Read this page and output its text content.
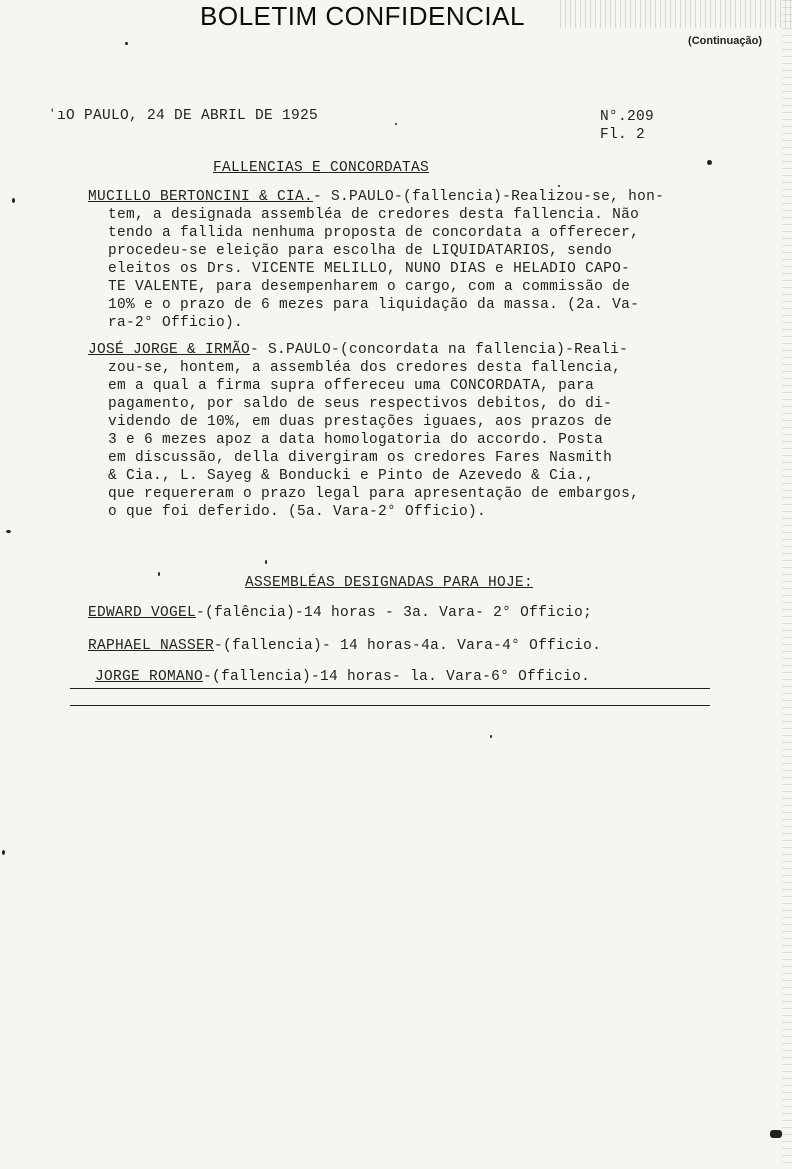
BOLETIM CONFIDENCIAL
(Continuação)
ʻıO PAULO, 24 DE ABRIL DE 1925	N°.209
Fl. 2
FALLENCIAS E CONCORDATAS
MUCILLO BERTONCINI & CIA.- S.PAULO-(fallencia)-Realizou-se, hon-
tem, a designada assembléa de credores desta fallencia. Não
tendo a fallida nenhuma proposta de concordata a offerecer,
procedeu-se eleição para escolha de LIQUIDATARIOS, sendo
eleitos os Drs. VICENTE MELILLO, NUNO DIAS e HELADIO CAPO-
TE VALENTE, para desempenharem o cargo, com a commissão de
10% e o prazo de 6 mezes para liquidação da massa. (2a. Va-
ra-2° Officio).
JOSÉ JORGE & IRMÃO- S.PAULO-(concordata na fallencia)-Reali-
zou-se, hontem, a assembléa dos credores desta fallencia,
em a qual a firma supra offereceu uma CONCORDATA, para
pagamento, por saldo de seus respectivos debitos, do di-
videndo de 10%, em duas prestações iguaes, aos prazos de
3 e 6 mezes apoz a data homologatoria do accordo. Posta
em discussão, della divergiram os credores Fares Nasmith
& Cia., L. Sayeg & Bonducki e Pinto de Azevedo & Cia.,
que requereram o prazo legal para apresentação de embargos,
o que foi deferido. (5a. Vara-2° Officio).
ASSEMBLÉAS DESIGNADAS PARA HOJE:
EDWARD VOGEL-(falência)-14 horas - 3a. Vara- 2° Officio;
RAPHAEL NASSER-(fallencia)- 14 horas-4a. Vara-4° Officio.
JORGE ROMANO-(fallencia)-14 horas- la. Vara-6° Officio.
